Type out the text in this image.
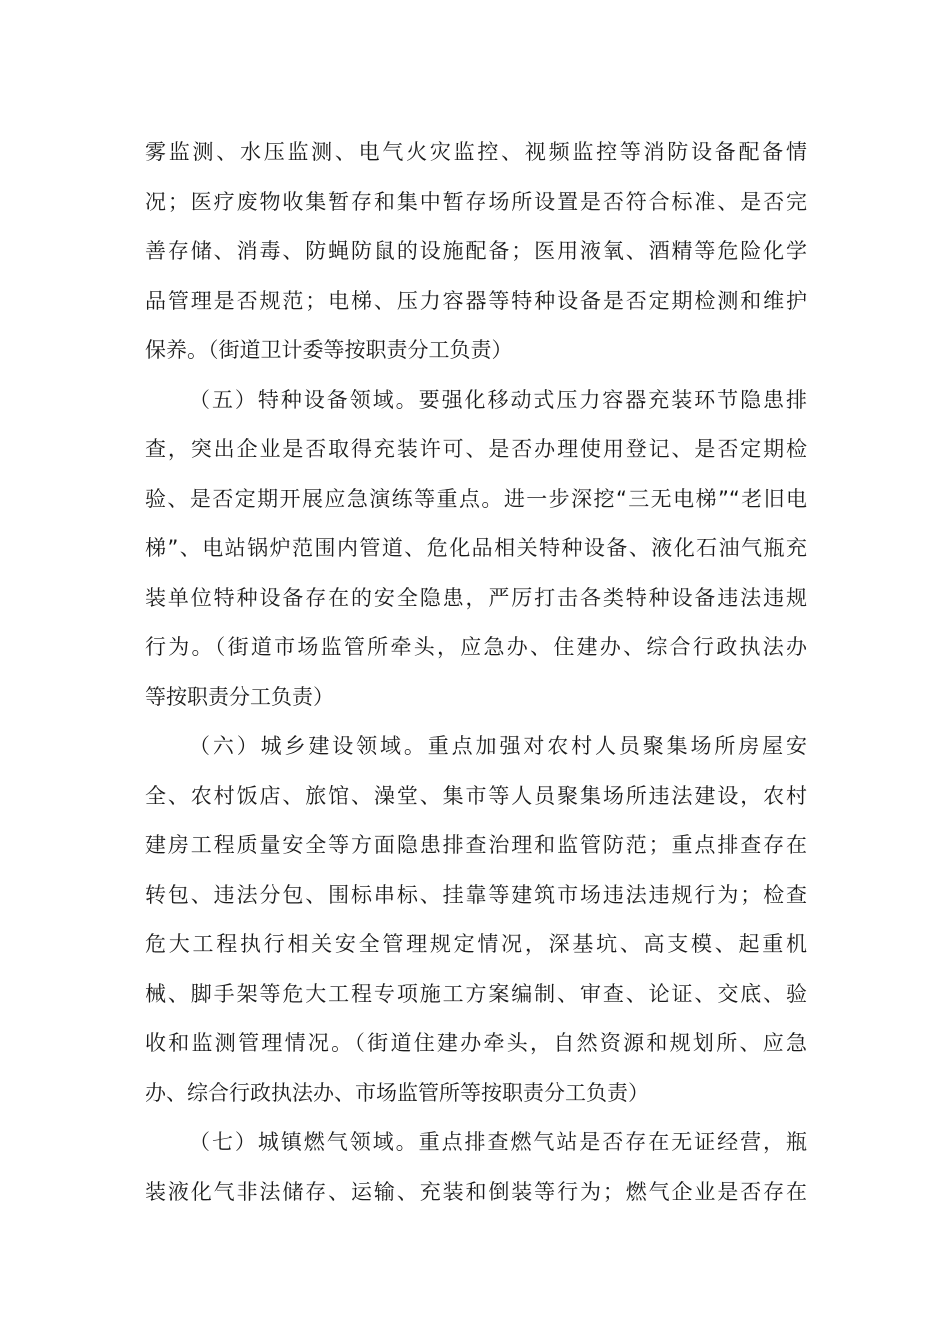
雾监测、水压监测、电气火灾监控、视频监控等消防设备配备情
况；医疗废物收集暂存和集中暂存场所设置是否符合标准、是否完
善存储、消毒、防蝇防鼠的设施配备；医用液氧、酒精等危险化学
品管理是否规范；电梯、压力容器等特种设备是否定期检测和维护
保养。（街道卫计委等按职责分工负责）
（五）特种设备领域。要强化移动式压力容器充装环节隐患排
查，突出企业是否取得充装许可、是否办理使用登记、是否定期检
验、是否定期开展应急演练等重点。进一步深挖“三无电梯”“老旧电
梯”、电站锅炉范围内管道、危化品相关特种设备、液化石油气瓶充
装单位特种设备存在的安全隐患，严厉打击各类特种设备违法违规
行为。（街道市场监管所牵头，应急办、住建办、综合行政执法办
等按职责分工负责）
（六）城乡建设领域。重点加强对农村人员聚集场所房屋安
全、农村饭店、旅馆、澡堂、集市等人员聚集场所违法建设，农村
建房工程质量安全等方面隐患排查治理和监管防范；重点排查存在
转包、违法分包、围标串标、挂靠等建筑市场违法违规行为；检查
危大工程执行相关安全管理规定情况，深基坑、高支模、起重机
械、脚手架等危大工程专项施工方案编制、审查、论证、交底、验
收和监测管理情况。（街道住建办牵头，自然资源和规划所、应急
办、综合行政执法办、市场监管所等按职责分工负责）
（七）城镇燃气领域。重点排查燃气站是否存在无证经营，瓶
装液化气非法储存、运输、充装和倒装等行为；燃气企业是否存在
